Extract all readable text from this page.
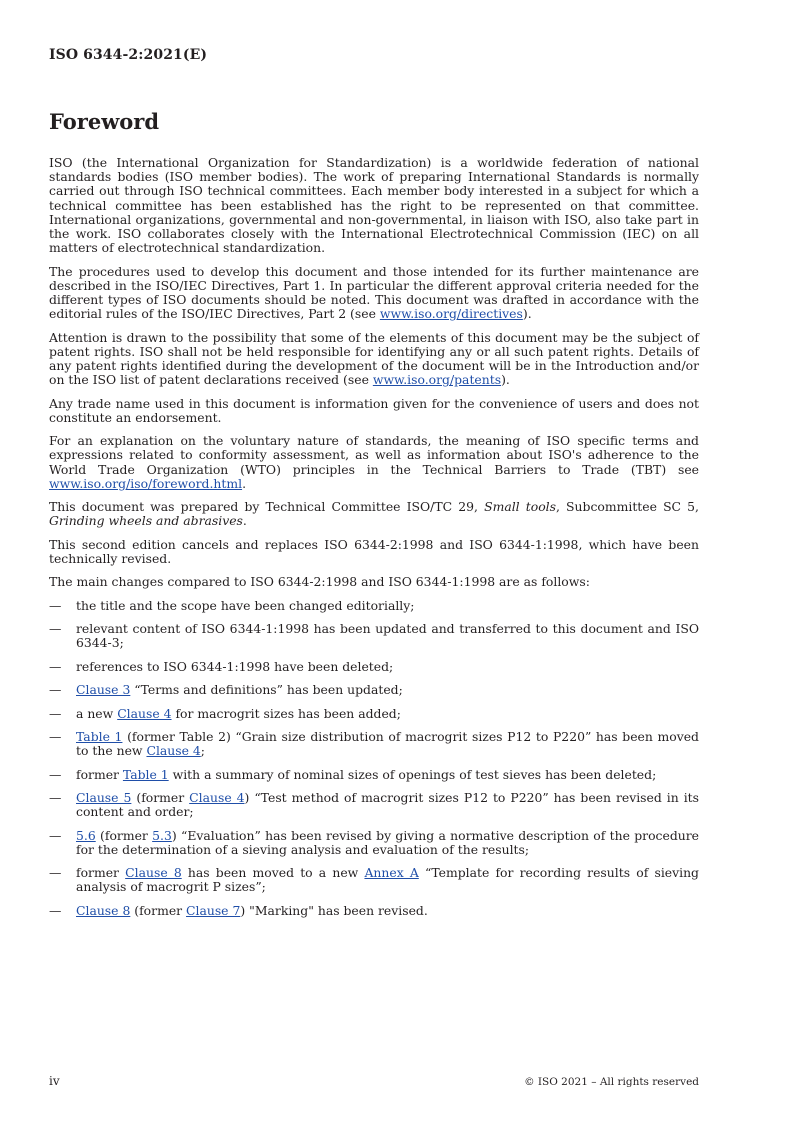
ISO 6344-2:2021(E)
Foreword

ISO (the International Organization for Standardization) is a worldwide federation of national standards bodies (ISO member bodies). The work of preparing International Standards is normally carried out through ISO technical committees. Each member body interested in a subject for which a technical committee has been established has the right to be represented on that committee. International organizations, governmental and non-governmental, in liaison with ISO, also take part in the work. ISO collaborates closely with the International Electrotechnical Commission (IEC) on all matters of electrotechnical standardization.

The procedures used to develop this document and those intended for its further maintenance are described in the ISO/IEC Directives, Part 1. In particular the different approval criteria needed for the different types of ISO documents should be noted. This document was drafted in accordance with the editorial rules of the ISO/IEC Directives, Part 2 (see www.iso.org/directives).

Attention is drawn to the possibility that some of the elements of this document may be the subject of patent rights. ISO shall not be held responsible for identifying any or all such patent rights. Details of any patent rights identified during the development of the document will be in the Introduction and/or on the ISO list of patent declarations received (see www.iso.org/patents).

Any trade name used in this document is information given for the convenience of users and does not constitute an endorsement.

For an explanation on the voluntary nature of standards, the meaning of ISO specific terms and expressions related to conformity assessment, as well as information about ISO's adherence to the World Trade Organization (WTO) principles in the Technical Barriers to Trade (TBT) see www.iso.org/iso/foreword.html.

This document was prepared by Technical Committee ISO/TC 29, Small tools, Subcommittee SC 5, Grinding wheels and abrasives.

This second edition cancels and replaces ISO 6344-2:1998 and ISO 6344-1:1998, which have been technically revised.

The main changes compared to ISO 6344-2:1998 and ISO 6344-1:1998 are as follows:

—	the title and the scope have been changed editorially;
—	relevant content of ISO 6344-1:1998 has been updated and transferred to this document and ISO 6344-3;
—	references to ISO 6344-1:1998 have been deleted;
—	Clause 3 “Terms and definitions” has been updated;
—	a new Clause 4 for macrogrit sizes has been added;
—	Table 1 (former Table 2) “Grain size distribution of macrogrit sizes P12 to P220” has been moved to the new Clause 4;
—	former Table 1 with a summary of nominal sizes of openings of test sieves has been deleted;
—	Clause 5 (former Clause 4) “Test method of macrogrit sizes P12 to P220” has been revised in its content and order;
—	5.6 (former 5.3) “Evaluation” has been revised by giving a normative description of the procedure for the determination of a sieving analysis and evaluation of the results;
—	former Clause 8 has been moved to a new Annex A “Template for recording results of sieving analysis of macrogrit P sizes”;
—	Clause 8 (former Clause 7) "Marking" has been revised.
iv	© ISO 2021 – All rights reserved
